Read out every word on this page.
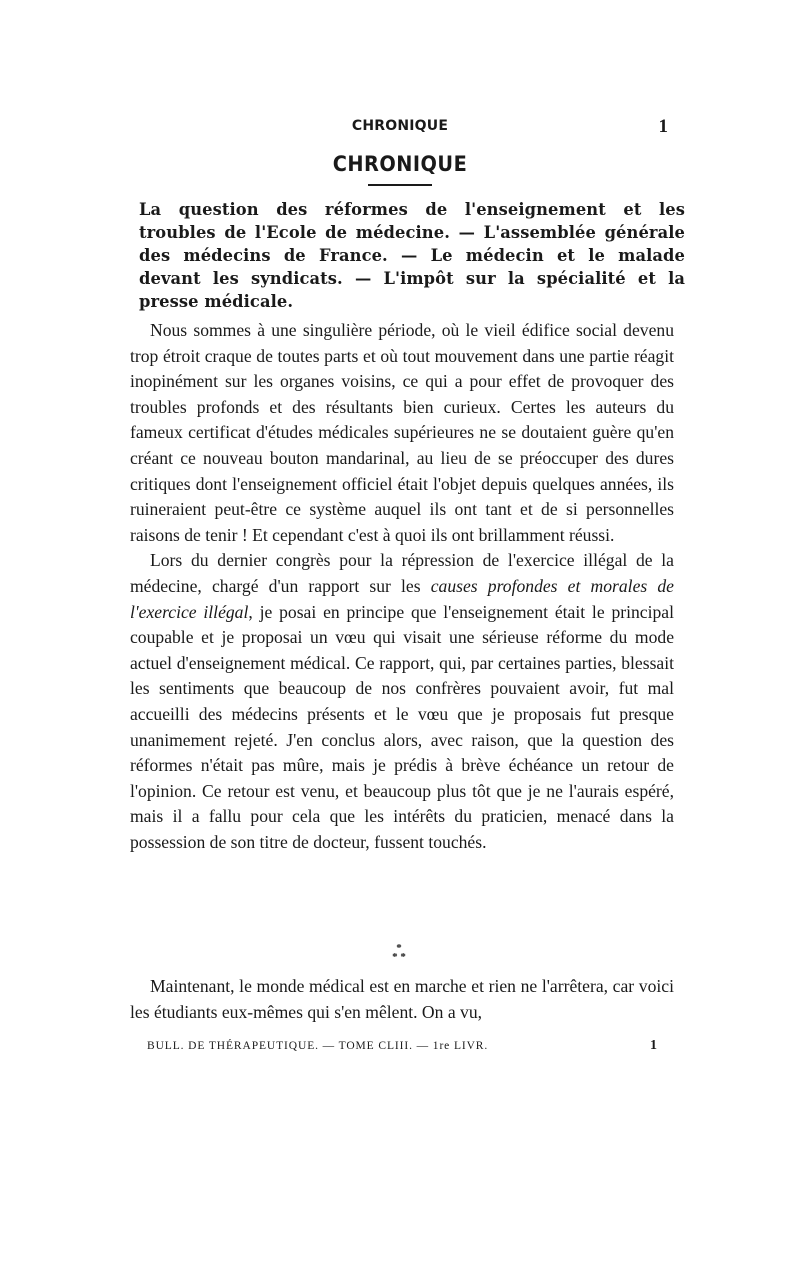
CHRONIQUE	1
CHRONIQUE
La question des réformes de l'enseignement et les troubles de l'Ecole de médecine. — L'assemblée générale des médecins de France. — Le médecin et le malade devant les syndicats. — L'impôt sur la spécialité et la presse médicale.

Nous sommes à une singulière période, où le vieil édifice social devenu trop étroit craque de toutes parts et où tout mouvement dans une partie réagit inopinément sur les organes voisins, ce qui a pour effet de provoquer des troubles profonds et des résultants bien curieux. Certes les auteurs du fameux certificat d'études médicales supérieures ne se doutaient guère qu'en créant ce nouveau bouton mandarinal, au lieu de se préoccuper des dures critiques dont l'enseignement officiel était l'objet depuis quelques années, ils ruineraient peut-être ce système auquel ils ont tant et de si personnelles raisons de tenir ! Et cependant c'est à quoi ils ont brillamment réussi.

Lors du dernier congrès pour la répression de l'exercice illégal de la médecine, chargé d'un rapport sur les causes profondes et morales de l'exercice illégal, je posai en principe que l'enseignement était le principal coupable et je proposai un vœu qui visait une sérieuse réforme du mode actuel d'enseignement médical. Ce rapport, qui, par certaines parties, blessait les sentiments que beaucoup de nos confrères pouvaient avoir, fut mal accueilli des médecins présents et le vœu que je proposais fut presque unanimement rejeté. J'en conclus alors, avec raison, que la question des réformes n'était pas mûre, mais je prédis à brève échéance un retour de l'opinion. Ce retour est venu, et beaucoup plus tôt que je ne l'aurais espéré, mais il a fallu pour cela que les intérêts du praticien, menacé dans la possession de son titre de docteur, fussent touchés.

*
* *

Maintenant, le monde médical est en marche et rien ne l'arrêtera, car voici les étudiants eux-mêmes qui s'en mêlent. On a vu,

BULL. DE THÉRAPEUTIQUE. — TOME CLIII. — 1re LIVR.	1
